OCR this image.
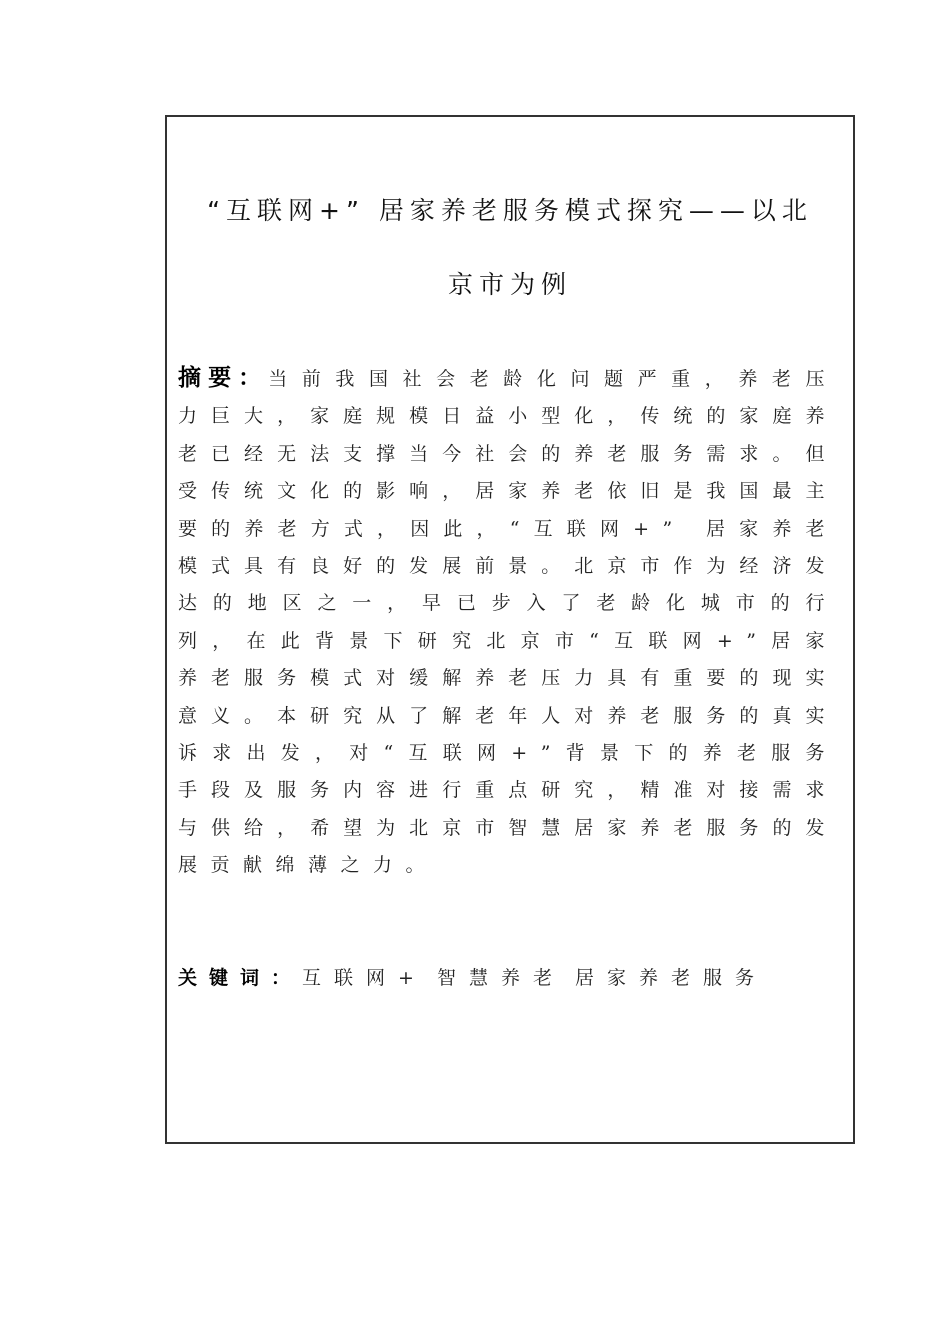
“互联网+” 居家养老服务模式探究——以北
京市为例
摘要：当前我国社会老龄化问题严重，养老压力巨大，家庭规模日益小型化，传统的家庭养老已经无法支撑当今社会的养老服务需求。但受传统文化的影响，居家养老依旧是我国最主要的养老方式，因此，“互联网+” 居家养老模式具有良好的发展前景。北京市作为经济发达的地区之一，早已步入了老龄化城市的行列，在此背景下研究北京市“互联网+”居家养老服务模式对缓解养老压力具有重要的现实意义。本研究从了解老年人对养老服务的真实诉求出发，对“互联网+”背景下的养老服务手段及服务内容进行重点研究，精准对接需求与供给，希望为北京市智慧居家养老服务的发展贡献绵薄之力。
关键词：互联网+ 智慧养老 居家养老服务
